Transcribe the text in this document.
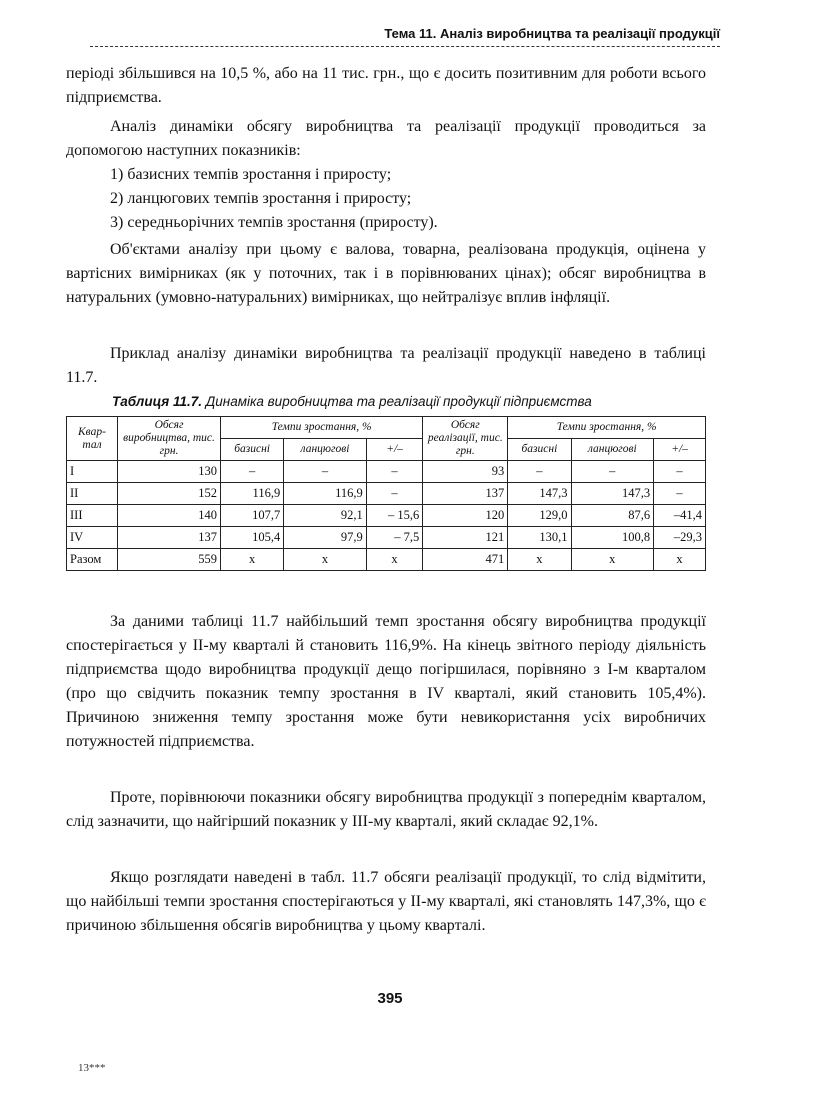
Тема 11. Аналіз виробництва та реалізації продукції

періоді збільшився на 10,5 %, або на 11 тис. грн., що є досить позитивним для роботи всього підприємства.

Аналіз динаміки обсягу виробництва та реалізації продукції проводиться за допомогою наступних показників:

1) базисних темпів зростання і приросту;
2) ланцюгових темпів зростання і приросту;
3) середньорічних темпів зростання (приросту).

Об'єктами аналізу при цьому є валова, товарна, реалізована продукція, оцінена у вартісних вимірниках (як у поточних, так і в порівнюваних цінах); обсяг виробництва в натуральних (умовно-натуральних) вимірниках, що нейтралізує вплив інфляції.

Приклад аналізу динаміки виробництва та реалізації продукції наведено в таблиці 11.7.

Таблиця 11.7. Динаміка виробництва та реалізації продукції підприємства
Квар-тал	Обсяг виробництва, тис. грн.	Темпи зростання, %			Обсяг реалізації, тис. грн.	Темпи зростання, %		
		базисні	ланцюгові	+/–		базисні	ланцюгові	+/–
I	130	–	–	–	93	–	–	–
II	152	116,9	116,9	–	137	147,3	147,3	–
III	140	107,7	92,1	– 15,6	120	129,0	87,6	–41,4
IV	137	105,4	97,9	– 7,5	121	130,1	100,8	–29,3
Разом	559	x	x	x	471	x	x	x

За даними таблиці 11.7 найбільший темп зростання обсягу виробництва продукції спостерігається у II-му кварталі й становить 116,9%. На кінець звітного періоду діяльність підприємства щодо виробництва продукції дещо погіршилася, порівняно з I-м кварталом (про що свідчить показник темпу зростання в IV кварталі, який становить 105,4%). Причиною зниження темпу зростання може бути невикористання усіх виробничих потужностей підприємства.

Проте, порівнюючи показники обсягу виробництва продукції з попереднім кварталом, слід зазначити, що найгірший показник у III-му кварталі, який складає 92,1%.

Якщо розглядати наведені в табл. 11.7 обсяги реалізації продукції, то слід відмітити, що найбільші темпи зростання спостерігаються у II-му кварталі, які становлять 147,3%, що є причиною збільшення обсягів виробництва у цьому кварталі.

395
13***
